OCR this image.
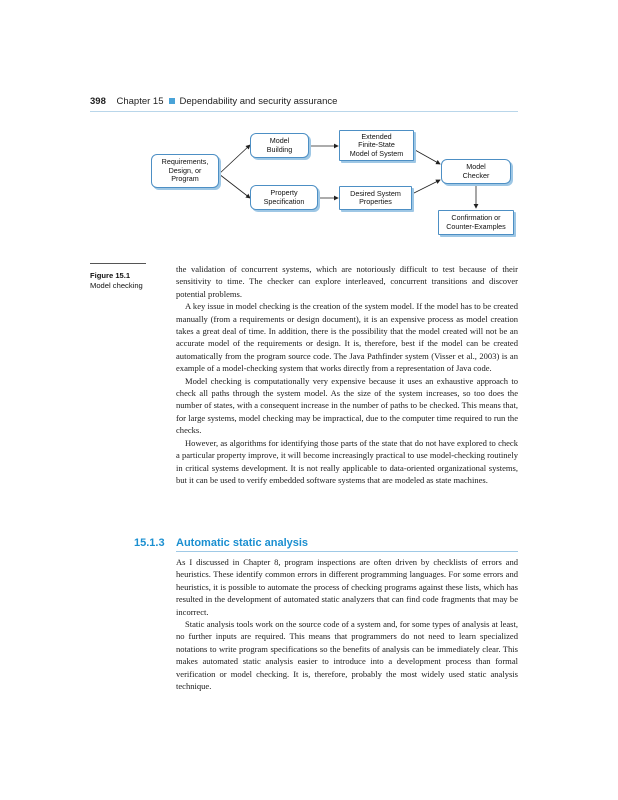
398 Chapter 15 Dependability and security assurance
Requirements,
Design, or
Program
Model
Building
Extended
Finite-State
Model of System
Model
Checker
Property
Specification
Desired System
Properties
Confirmation or
Counter-Examples
Figure 15.1
Model checking

the validation of concurrent systems, which are notoriously difficult to test because of their sensitivity to time. The checker can explore interleaved, concurrent transitions and discover potential problems.

A key issue in model checking is the creation of the system model. If the model has to be created manually (from a requirements or design document), it is an expensive process as model creation takes a great deal of time. In addition, there is the possibility that the model created will not be an accurate model of the requirements or design. It is, therefore, best if the model can be created automatically from the program source code. The Java Pathfinder system (Visser et al., 2003) is an example of a model-checking system that works directly from a representation of Java code.

Model checking is computationally very expensive because it uses an exhaustive approach to check all paths through the system model. As the size of the system increases, so too does the number of states, with a consequent increase in the number of paths to be checked. This means that, for large systems, model checking may be impractical, due to the computer time required to run the checks.

However, as algorithms for identifying those parts of the state that do not have explored to check a particular property improve, it will become increasingly practical to use model-checking routinely in critical systems development. It is not really applicable to data-oriented organizational systems, but it can be used to verify embedded software systems that are modeled as state machines.

15.1.3 Automatic static analysis

As I discussed in Chapter 8, program inspections are often driven by checklists of errors and heuristics. These identify common errors in different programming languages. For some errors and heuristics, it is possible to automate the process of checking programs against these lists, which has resulted in the development of automated static analyzers that can find code fragments that may be incorrect.

Static analysis tools work on the source code of a system and, for some types of analysis at least, no further inputs are required. This means that programmers do not need to learn specialized notations to write program specifications so the benefits of analysis can be immediately clear. This makes automated static analysis easier to introduce into a development process than formal verification or model checking. It is, therefore, probably the most widely used static analysis technique.
